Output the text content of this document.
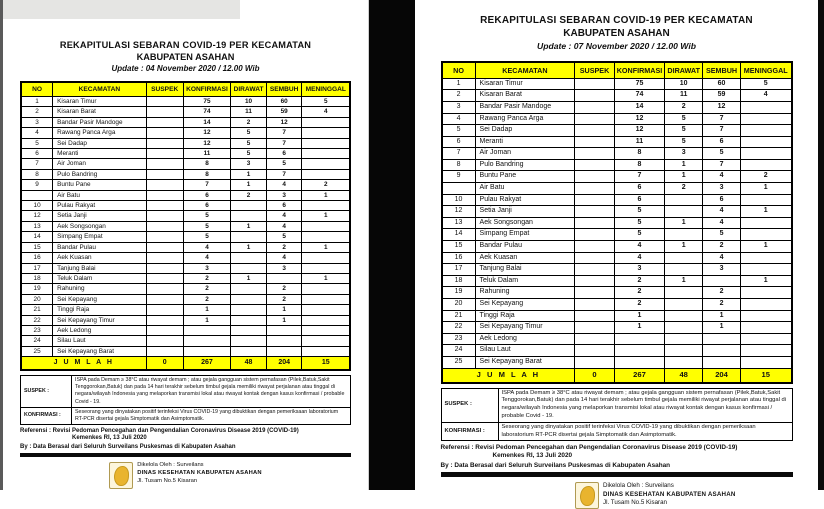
REKAPITULASI SEBARAN COVID-19 PER KECAMATAN
KABUPATEN ASAHAN
Update : 04 November 2020 / 12.00 Wib
NO	KECAMATAN	SUSPEK	KONFIRMASI	DIRAWAT	SEMBUH	MENINGGAL
1	Kisaran Timur		75	10	60	5
2	Kisaran Barat		74	11	59	4
3	Bandar Pasir Mandoge		14	2	12	
4	Rawang Panca Arga		12	5	7	
5	Sei Dadap		12	5	7	
6	Meranti		11	5	6	
7	Air Joman		8	3	5	
8	Pulo Bandring		8	1	7	
9	Buntu Pane		7	1	4	2
	Air Batu		6	2	3	1
10	Pulau Rakyat		6		6	
12	Setia Janji		5		4	1
13	Aek Songsongan		5	1	4	
14	Simpang Empat		5		5	
15	Bandar Pulau		4	1	2	1
16	Aek Kuasan		4		4	
17	Tanjung Balai		3		3	
18	Teluk Dalam		2	1		1
19	Rahuning		2		2	
20	Sei Kepayang		2		2	
21	Tinggi Raja		1		1	
22	Sei Kepayang Timur		1		1	
23	Aek Ledong					
24	Silau Laut					
25	Sei Kepayang Barat					
J U M L A H		0	267	48	204	15
SUSPEK :	ISPA pada Demam ≥ 38°C atau riwayat demam ; atau gejala gangguan sistem pernafasan (Pilek,Batuk,Sakit Tenggorokan,Batuk) dan pada 14 hari terakhir sebelum timbul gejala memiliki riwayat perjalanan atau tinggal di negara/wilayah Indonesia yang melaporkan transmisi lokal atau riwayat kontak dengan kasus konfirmasi / probable Covid - 19.
KONFIRMASI :	Seseorang yang dinyatakan positif terinfeksi Virus COVID-19 yang dibuktikan dengan pemeriksaan laboratorium RT-PCR disertai gejala Simptomatik dan Asimptomatik.
Referensi : Revisi Pedoman Pencegahan dan Pengendalian Coronavirus Disease 2019 (COVID-19)
Kemenkes RI, 13 Juli 2020
By : Data Berasal dari Seluruh Surveilans Puskesmas di Kabupaten Asahan
Dikelola Oleh : Surveilans
DINAS KESEHATAN KABUPATEN ASAHAN
Jl. Tusam No.5 Kisaran
REKAPITULASI SEBARAN COVID-19 PER KECAMATAN
KABUPATEN ASAHAN
Update : 07 November 2020 / 12.00 Wib
NO	KECAMATAN	SUSPEK	KONFIRMASI	DIRAWAT	SEMBUH	MENINGGAL
1	Kisaran Timur		75	10	60	5
2	Kisaran Barat		74	11	59	4
3	Bandar Pasir Mandoge		14	2	12	
4	Rawang Panca Arga		12	5	7	
5	Sei Dadap		12	5	7	
6	Meranti		11	5	6	
7	Air Joman		8	3	5	
8	Pulo Bandring		8	1	7	
9	Buntu Pane		7	1	4	2
	Air Batu		6	2	3	1
10	Pulau Rakyat		6		6	
12	Setia Janji		5		4	1
13	Aek Songsongan		5	1	4	
14	Simpang Empat		5		5	
15	Bandar Pulau		4	1	2	1
16	Aek Kuasan		4		4	
17	Tanjung Balai		3		3	
18	Teluk Dalam		2	1		1
19	Rahuning		2		2	
20	Sei Kepayang		2		2	
21	Tinggi Raja		1		1	
22	Sei Kepayang Timur		1		1	
23	Aek Ledong					
24	Silau Laut					
25	Sei Kepayang Barat					
J U M L A H		0	267	48	204	15
SUSPEK :	ISPA pada Demam ≥ 38°C atau riwayat demam ; atau gejala gangguan sistem pernafasan (Pilek,Batuk,Sakit Tenggorokan,Batuk) dan pada 14 hari terakhir sebelum timbul gejala memiliki riwayat perjalanan atau tinggal di negara/wilayah Indonesia yang melaporkan transmisi lokal atau riwayat kontak dengan kasus konfirmasi / probable Covid - 19.
KONFIRMASI :	Seseorang yang dinyatakan positif terinfeksi Virus COVID-19 yang dibuktikan dengan pemeriksaan laboratorium RT-PCR disertai gejala Simptomatik dan Asimptomatik.
Referensi : Revisi Pedoman Pencegahan dan Pengendalian Coronavirus Disease 2019 (COVID-19)
Kemenkes RI, 13 Juli 2020
By : Data Berasal dari Seluruh Surveilans Puskesmas di Kabupaten Asahan
Dikelola Oleh : Surveilans
DINAS KESEHATAN KABUPATEN ASAHAN
Jl. Tusam No.5 Kisaran
